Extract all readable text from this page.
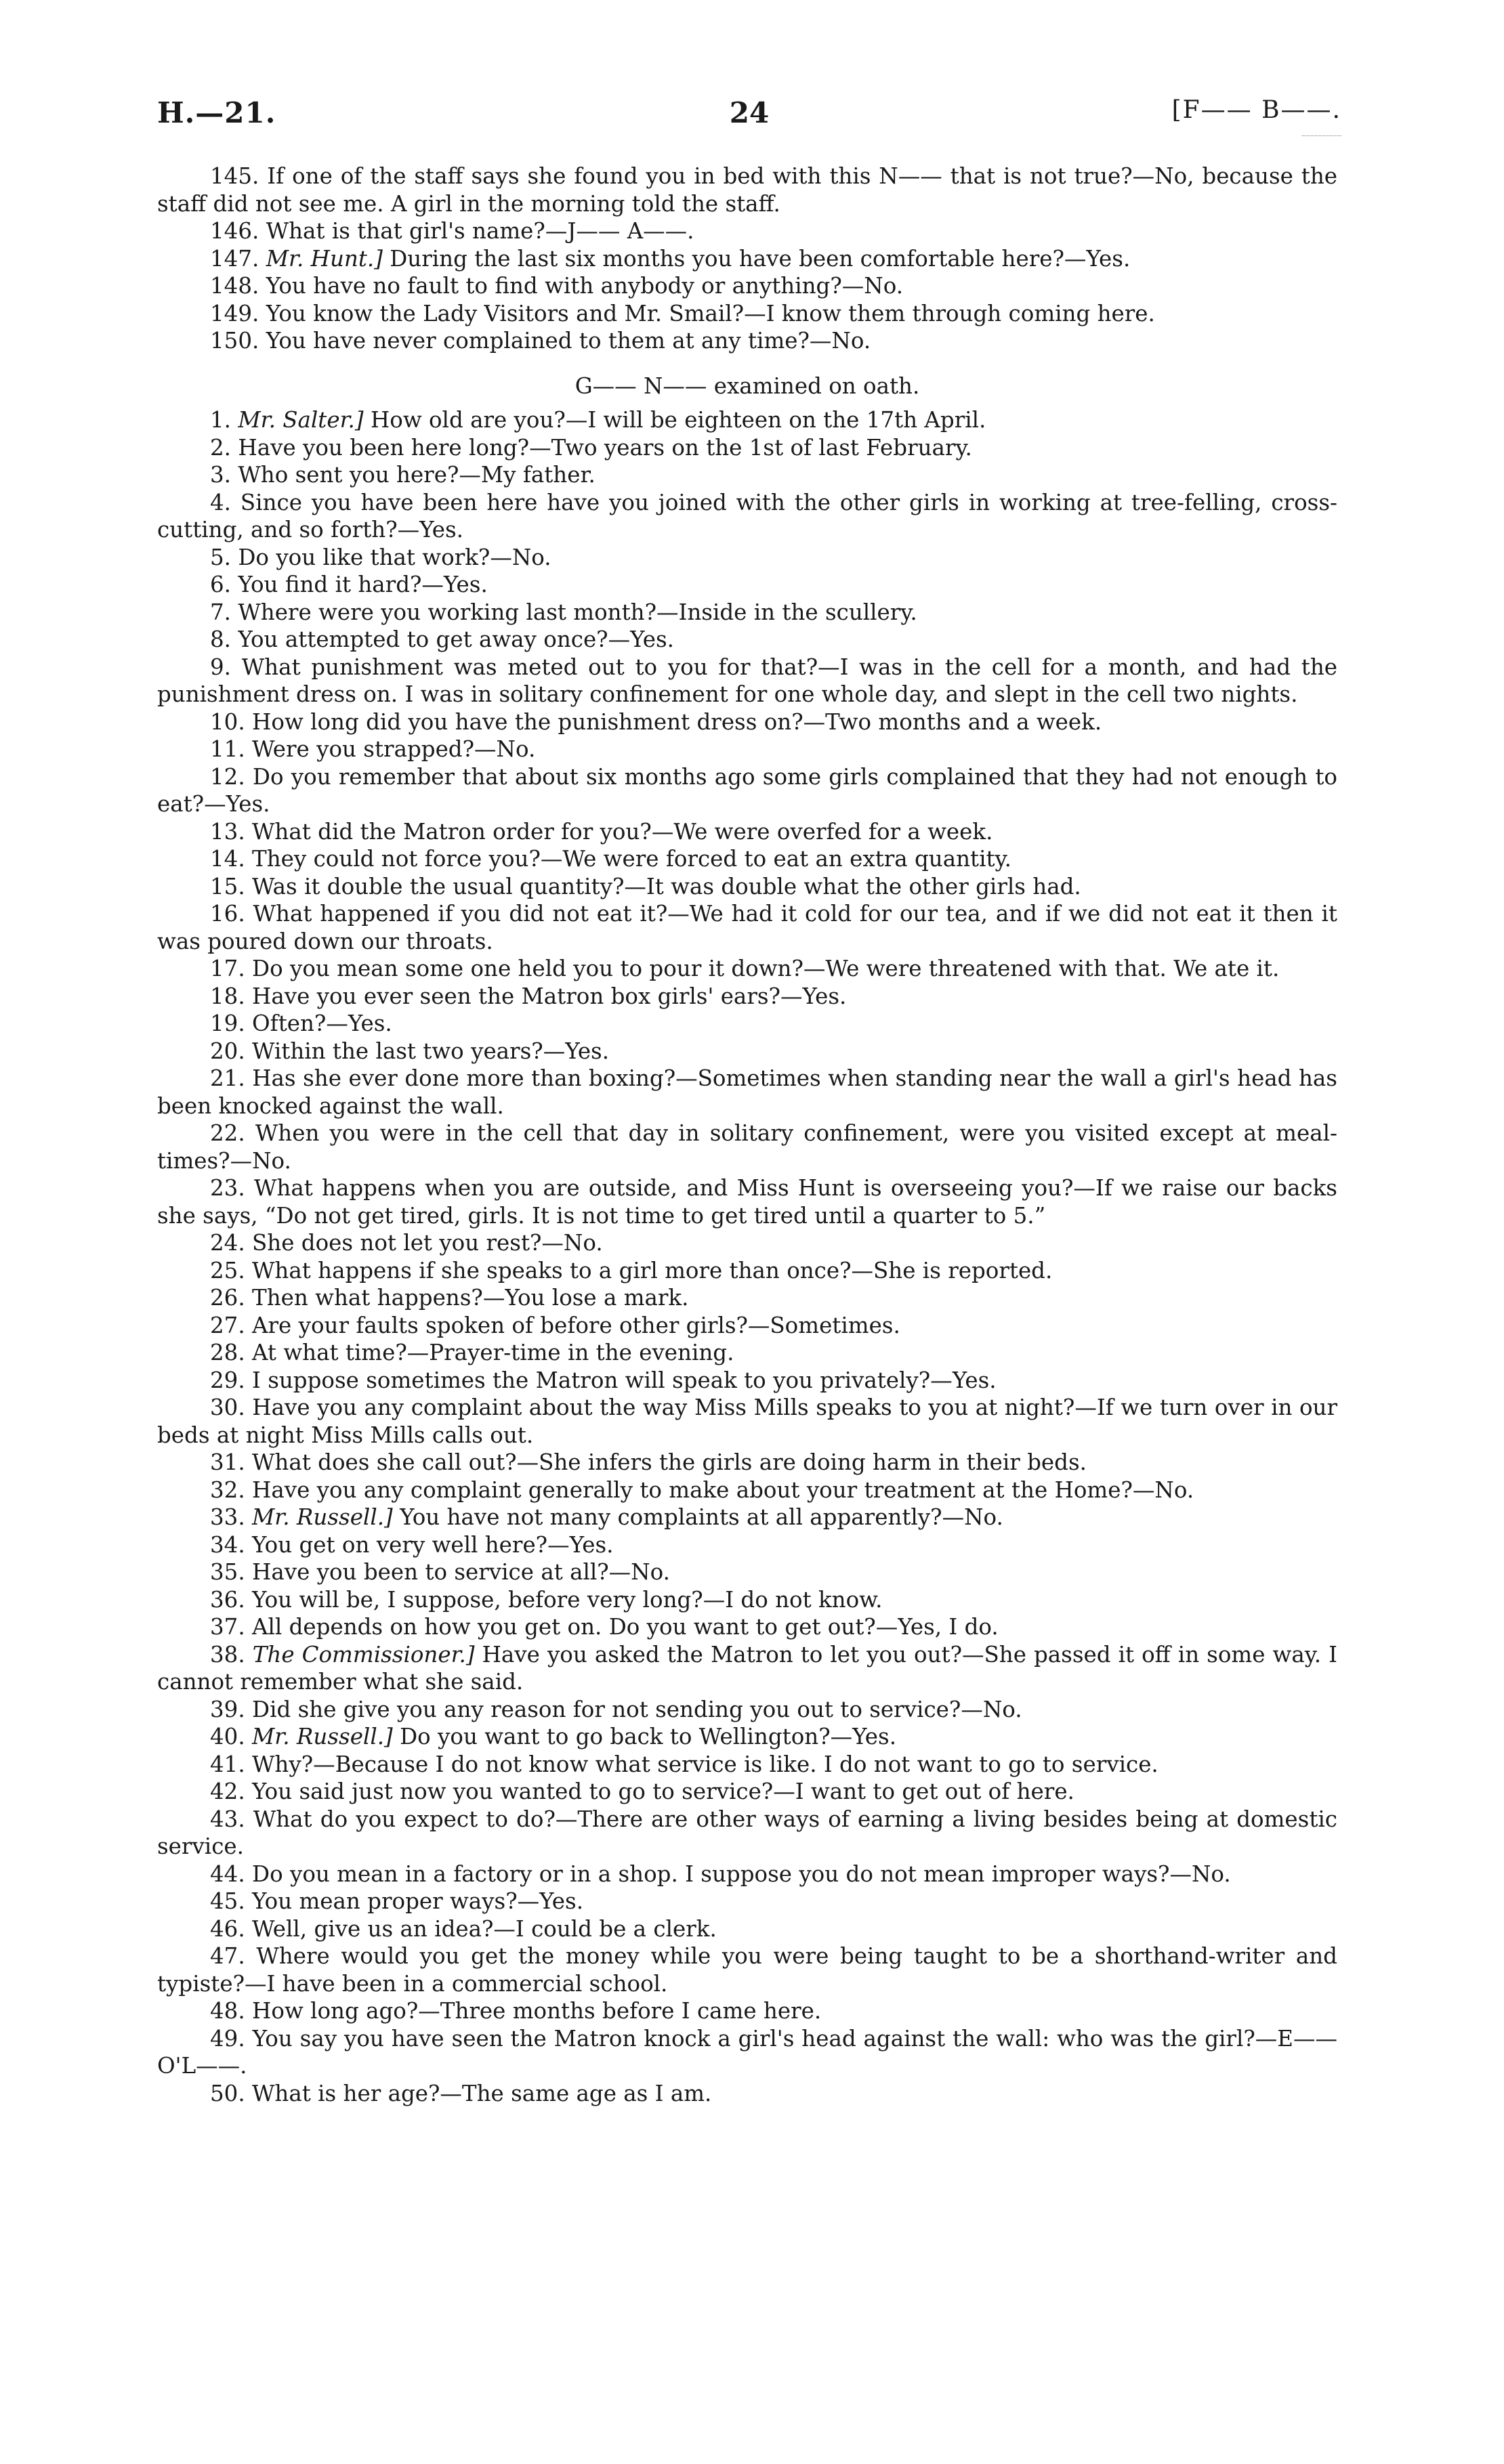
H.—21.	24	[F—— B——.

145. If one of the staff says she found you in bed with this N—— that is not true?—No, because the staff did not see me. A girl in the morning told the staff.

146. What is that girl's name?—J—— A——.

147. Mr. Hunt.] During the last six months you have been comfortable here?—Yes.

148. You have no fault to find with anybody or anything?—No.

149. You know the Lady Visitors and Mr. Smail?—I know them through coming here.

150. You have never complained to them at any time?—No.

G—— N—— examined on oath.

1. Mr. Salter.] How old are you?—I will be eighteen on the 17th April.

2. Have you been here long?—Two years on the 1st of last February.

3. Who sent you here?—My father.

4. Since you have been here have you joined with the other girls in working at tree-felling, cross-cutting, and so forth?—Yes.

5. Do you like that work?—No.

6. You find it hard?—Yes.

7. Where were you working last month?—Inside in the scullery.

8. You attempted to get away once?—Yes.

9. What punishment was meted out to you for that?—I was in the cell for a month, and had the punishment dress on. I was in solitary confinement for one whole day, and slept in the cell two nights.

10. How long did you have the punishment dress on?—Two months and a week.

11. Were you strapped?—No.

12. Do you remember that about six months ago some girls complained that they had not enough to eat?—Yes.

13. What did the Matron order for you?—We were overfed for a week.

14. They could not force you?—We were forced to eat an extra quantity.

15. Was it double the usual quantity?—It was double what the other girls had.

16. What happened if you did not eat it?—We had it cold for our tea, and if we did not eat it then it was poured down our throats.

17. Do you mean some one held you to pour it down?—We were threatened with that. We ate it.

18. Have you ever seen the Matron box girls' ears?—Yes.

19. Often?—Yes.

20. Within the last two years?—Yes.

21. Has she ever done more than boxing?—Sometimes when standing near the wall a girl's head has been knocked against the wall.

22. When you were in the cell that day in solitary confinement, were you visited except at meal-times?—No.

23. What happens when you are outside, and Miss Hunt is overseeing you?—If we raise our backs she says, “Do not get tired, girls. It is not time to get tired until a quarter to 5.”

24. She does not let you rest?—No.

25. What happens if she speaks to a girl more than once?—She is reported.

26. Then what happens?—You lose a mark.

27. Are your faults spoken of before other girls?—Sometimes.

28. At what time?—Prayer-time in the evening.

29. I suppose sometimes the Matron will speak to you privately?—Yes.

30. Have you any complaint about the way Miss Mills speaks to you at night?—If we turn over in our beds at night Miss Mills calls out.

31. What does she call out?—She infers the girls are doing harm in their beds.

32. Have you any complaint generally to make about your treatment at the Home?—No.

33. Mr. Russell.] You have not many complaints at all apparently?—No.

34. You get on very well here?—Yes.

35. Have you been to service at all?—No.

36. You will be, I suppose, before very long?—I do not know.

37. All depends on how you get on. Do you want to get out?—Yes, I do.

38. The Commissioner.] Have you asked the Matron to let you out?—She passed it off in some way. I cannot remember what she said.

39. Did she give you any reason for not sending you out to service?—No.

40. Mr. Russell.] Do you want to go back to Wellington?—Yes.

41. Why?—Because I do not know what service is like. I do not want to go to service.

42. You said just now you wanted to go to service?—I want to get out of here.

43. What do you expect to do?—There are other ways of earning a living besides being at domestic service.

44. Do you mean in a factory or in a shop. I suppose you do not mean improper ways?—No.

45. You mean proper ways?—Yes.

46. Well, give us an idea?—I could be a clerk.

47. Where would you get the money while you were being taught to be a shorthand-writer and typiste?—I have been in a commercial school.

48. How long ago?—Three months before I came here.

49. You say you have seen the Matron knock a girl's head against the wall: who was the girl?—E—— O'L——.

50. What is her age?—The same age as I am.
